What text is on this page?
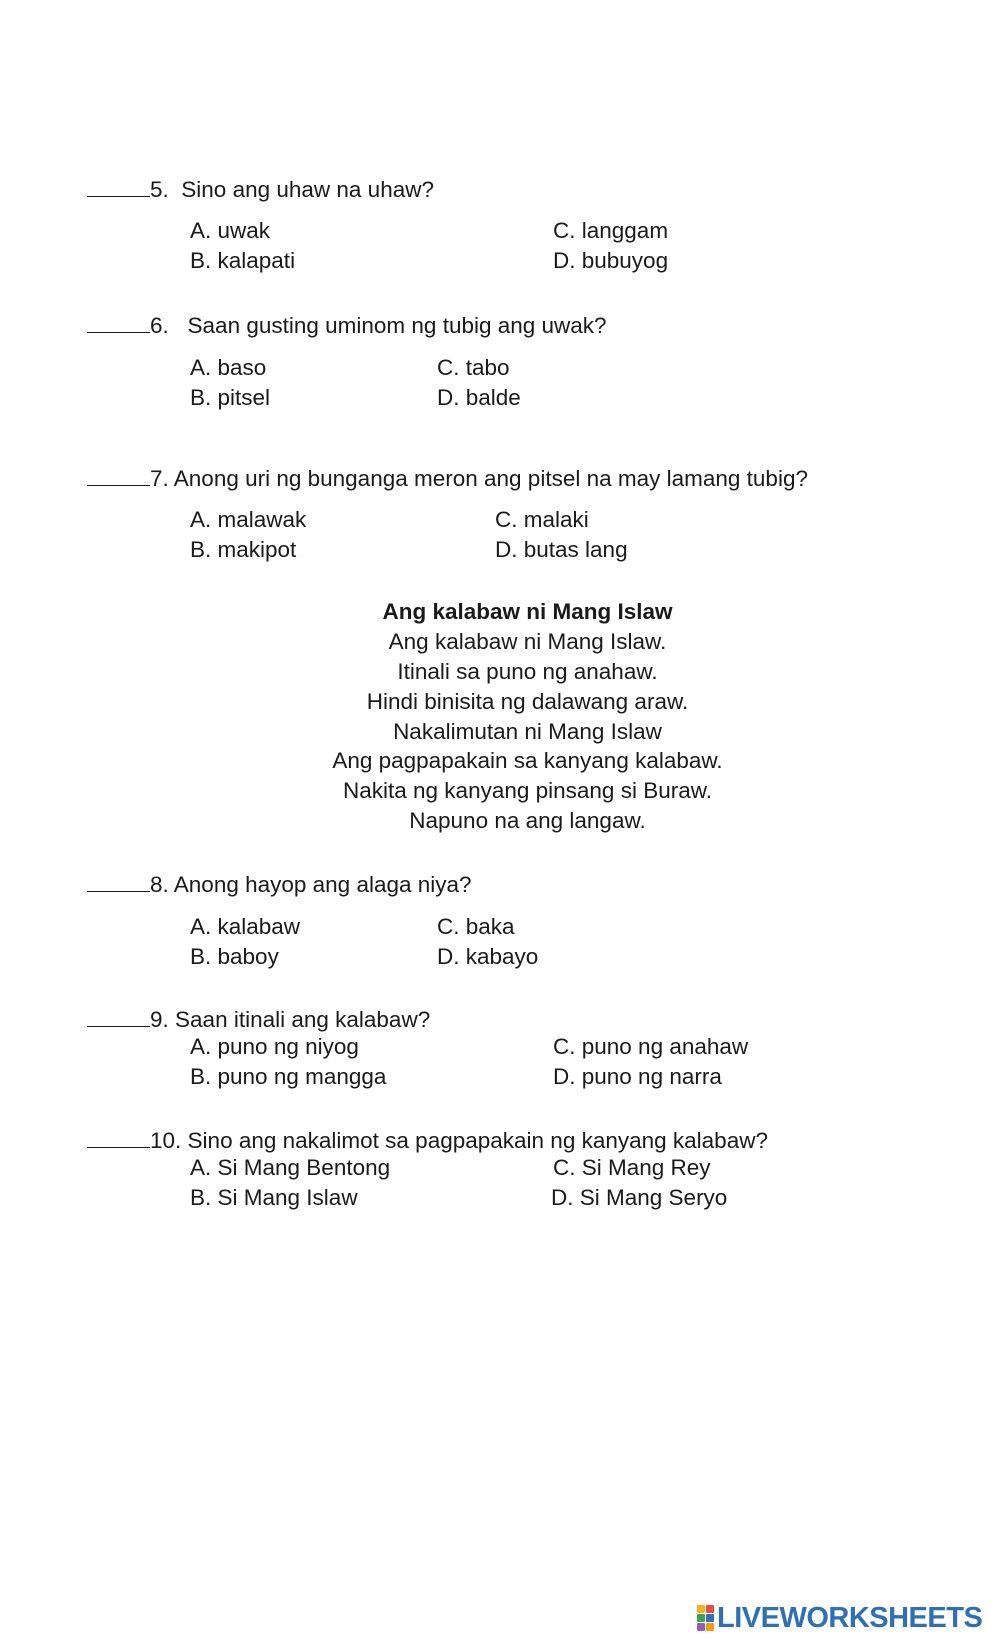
5. Sino ang uhaw na uhaw?
A. uwak
B. kalapati
C. langgam
D. bubuyog
6. Saan gusting uminom ng tubig ang uwak?
A. baso
B. pitsel
C. tabo
D. balde
7. Anong uri ng bunganga meron ang pitsel na may lamang tubig?
A. malawak
B. makipot
C. malaki
D. butas lang
Ang kalabaw ni Mang Islaw
Ang kalabaw ni Mang Islaw.
Itinali sa puno ng anahaw.
Hindi binisita ng dalawang araw.
Nakalimutan ni Mang Islaw
Ang pagpapakain sa kanyang kalabaw.
Nakita ng kanyang pinsang si Buraw.
Napuno na ang langaw.
8. Anong hayop ang alaga niya?
A. kalabaw
B. baboy
C. baka
D. kabayo
9. Saan itinali ang kalabaw?
A. puno ng niyog
B. puno ng mangga
C. puno ng anahaw
D. puno ng narra
10. Sino ang nakalimot sa pagpapakain ng kanyang kalabaw?
A. Si Mang Bentong
B. Si Mang Islaw
C. Si Mang Rey
D. Si Mang Seryo
LIVEWORKSHEETS
